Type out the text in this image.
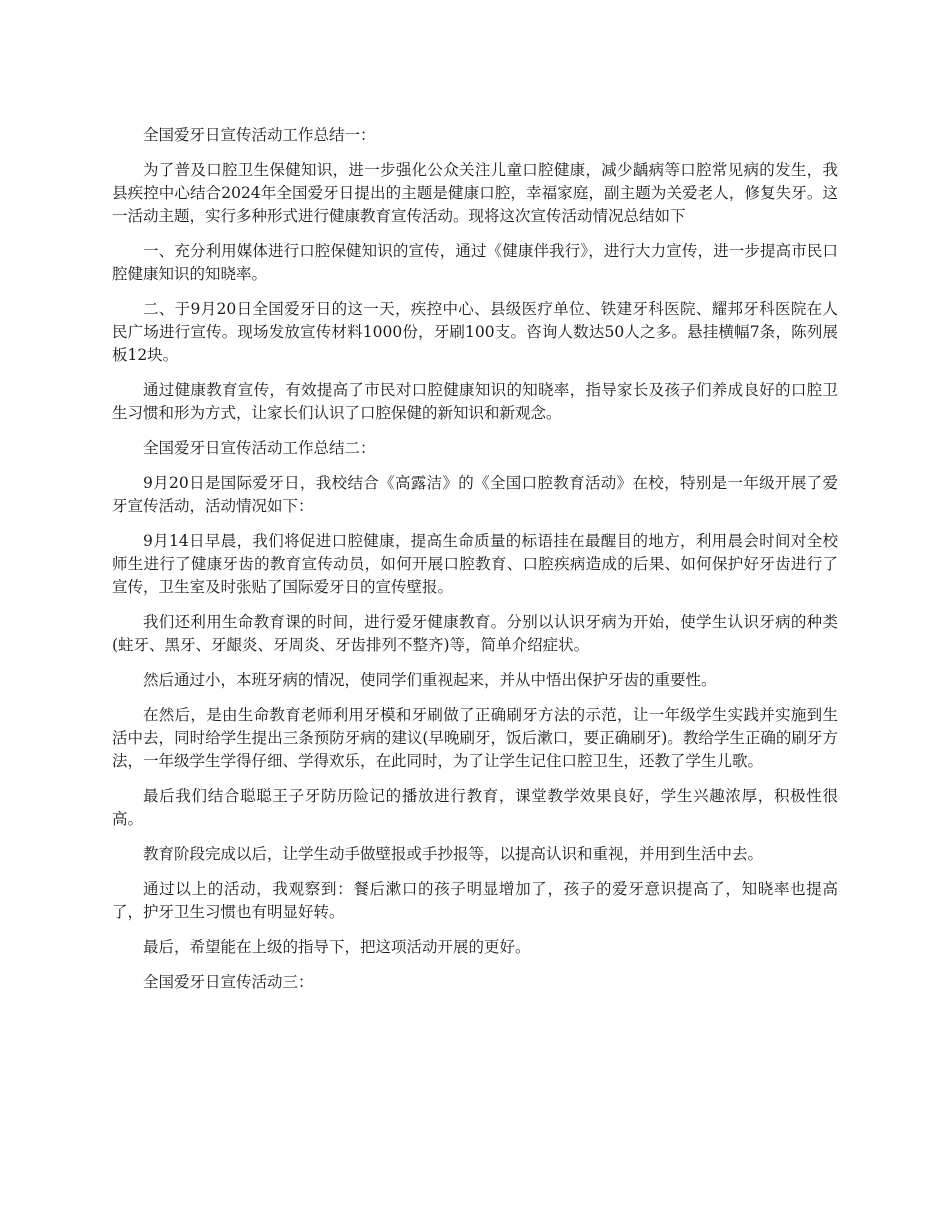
全国爱牙日宣传活动工作总结一：

为了普及口腔卫生保健知识，进一步强化公众关注儿童口腔健康，减少龋病等口腔常见病的发生，我县疾控中心结合2024年全国爱牙日提出的主题是健康口腔，幸福家庭，副主题为关爱老人，修复失牙。这一活动主题，实行多种形式进行健康教育宣传活动。现将这次宣传活动情况总结如下

一、充分利用媒体进行口腔保健知识的宣传，通过《健康伴我行》，进行大力宣传，进一步提高市民口腔健康知识的知晓率。

二、于9月20日全国爱牙日的这一天，疾控中心、县级医疗单位、铁建牙科医院、耀邦牙科医院在人民广场进行宣传。现场发放宣传材料1000份，牙刷100支。咨询人数达50人之多。悬挂横幅7条，陈列展板12块。

通过健康教育宣传，有效提高了市民对口腔健康知识的知晓率，指导家长及孩子们养成良好的口腔卫生习惯和形为方式，让家长们认识了口腔保健的新知识和新观念。

全国爱牙日宣传活动工作总结二：

9月20日是国际爱牙日，我校结合《高露洁》的《全国口腔教育活动》在校，特别是一年级开展了爱牙宣传活动，活动情况如下：

9月14日早晨，我们将促进口腔健康，提高生命质量的标语挂在最醒目的地方，利用晨会时间对全校师生进行了健康牙齿的教育宣传动员，如何开展口腔教育、口腔疾病造成的后果、如何保护好牙齿进行了宣传，卫生室及时张贴了国际爱牙日的宣传壁报。

我们还利用生命教育课的时间，进行爱牙健康教育。分别以认识牙病为开始，使学生认识牙病的种类(蛀牙、黑牙、牙龈炎、牙周炎、牙齿排列不整齐)等，简单介绍症状。

然后通过小，本班牙病的情况，使同学们重视起来，并从中悟出保护牙齿的重要性。

在然后，是由生命教育老师利用牙模和牙刷做了正确刷牙方法的示范，让一年级学生实践并实施到生活中去，同时给学生提出三条预防牙病的建议(早晚刷牙，饭后漱口，要正确刷牙)。教给学生正确的刷牙方法，一年级学生学得仔细、学得欢乐，在此同时，为了让学生记住口腔卫生，还教了学生儿歌。

最后我们结合聪聪王子牙防历险记的播放进行教育，课堂教学效果良好，学生兴趣浓厚，积极性很高。

教育阶段完成以后，让学生动手做壁报或手抄报等，以提高认识和重视，并用到生活中去。

通过以上的活动，我观察到：餐后漱口的孩子明显增加了，孩子的爱牙意识提高了，知晓率也提高了，护牙卫生习惯也有明显好转。

最后，希望能在上级的指导下，把这项活动开展的更好。

全国爱牙日宣传活动三：
